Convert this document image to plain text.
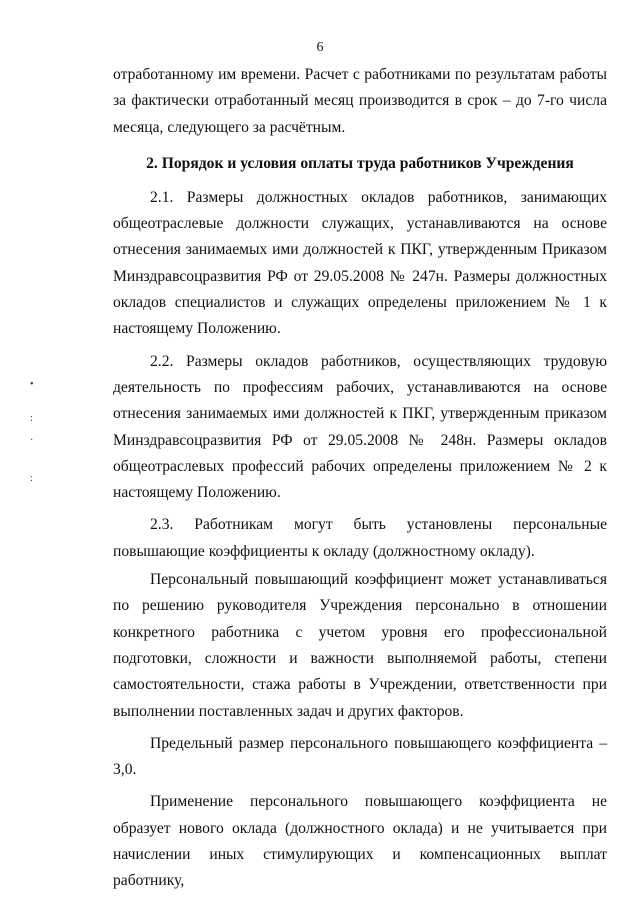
6
•
:
·
:

отработанному им времени. Расчет с работниками по результатам работы за фактически отработанный месяц производится в срок – до 7-го числа месяца, следующего за расчётным.

2. Порядок и условия оплаты труда работников Учреждения

2.1. Размеры должностных окладов работников, занимающих общеотраслевые должности служащих, устанавливаются на основе отнесения занимаемых ими должностей к ПКГ, утвержденным Приказом Минздравсоцразвития РФ от 29.05.2008 № 247н. Размеры должностных окладов специалистов и служащих определены приложением № 1 к настоящему Положению.

2.2. Размеры окладов работников, осуществляющих трудовую деятельность по профессиям рабочих, устанавливаются на основе отнесения занимаемых ими должностей к ПКГ, утвержденным приказом Минздравсоцразвития РФ от 29.05.2008 № 248н. Размеры окладов общеотраслевых профессий рабочих определены приложением № 2 к настоящему Положению.

2.3. Работникам могут быть установлены персональные повышающие коэффициенты к окладу (должностному окладу).

Персональный повышающий коэффициент может устанавливаться по решению руководителя Учреждения персонально в отношении конкретного работника с учетом уровня его профессиональной подготовки, сложности и важности выполняемой работы, степени самостоятельности, стажа работы в Учреждении, ответственности при выполнении поставленных задач и других факторов.

Предельный размер персонального повышающего коэффициента – 3,0.

Применение персонального повышающего коэффициента не образует нового оклада (должностного оклада) и не учитывается при начислении иных стимулирующих и компенсационных выплат работнику,
